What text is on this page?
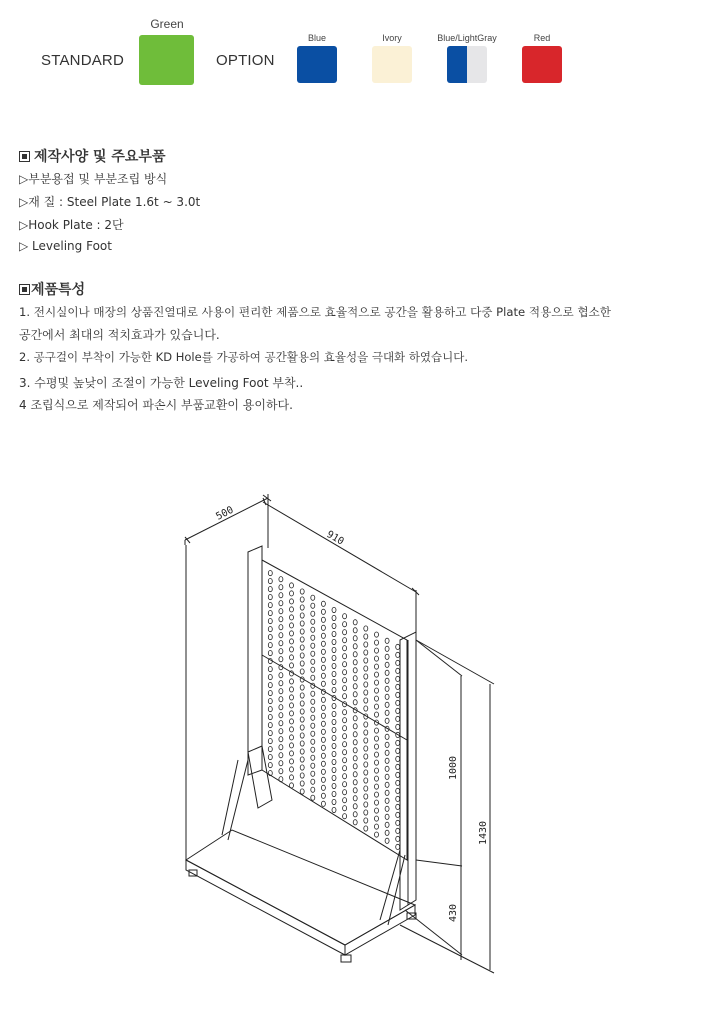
STANDARD
Green
OPTION
Blue	Ivory	Blue/LightGray	Red
제작사양 및 주요부품
▷부분용접 및 부분조립 방식
▷재 질 : Steel Plate 1.6t ~ 3.0t
▷Hook Plate : 2단
▷ Leveling Foot
제품특성
1. 전시실이나 매장의 상품진열대로 사용이 편리한 제품으로 효율적으로 공간을 활용하고 다중 Plate 적용으로 협소한
공간에서 최대의 적치효과가 있습니다.
2. 공구걸이 부착이 가능한 KD Hole를 가공하여 공간활용의 효율성을 극대화 하였습니다.
3. 수평및 높낮이 조절이 가능한 Leveling Foot 부착..
4 조립식으로 제작되어 파손시 부품교환이 용이하다.
500
910
1000
1430
430
